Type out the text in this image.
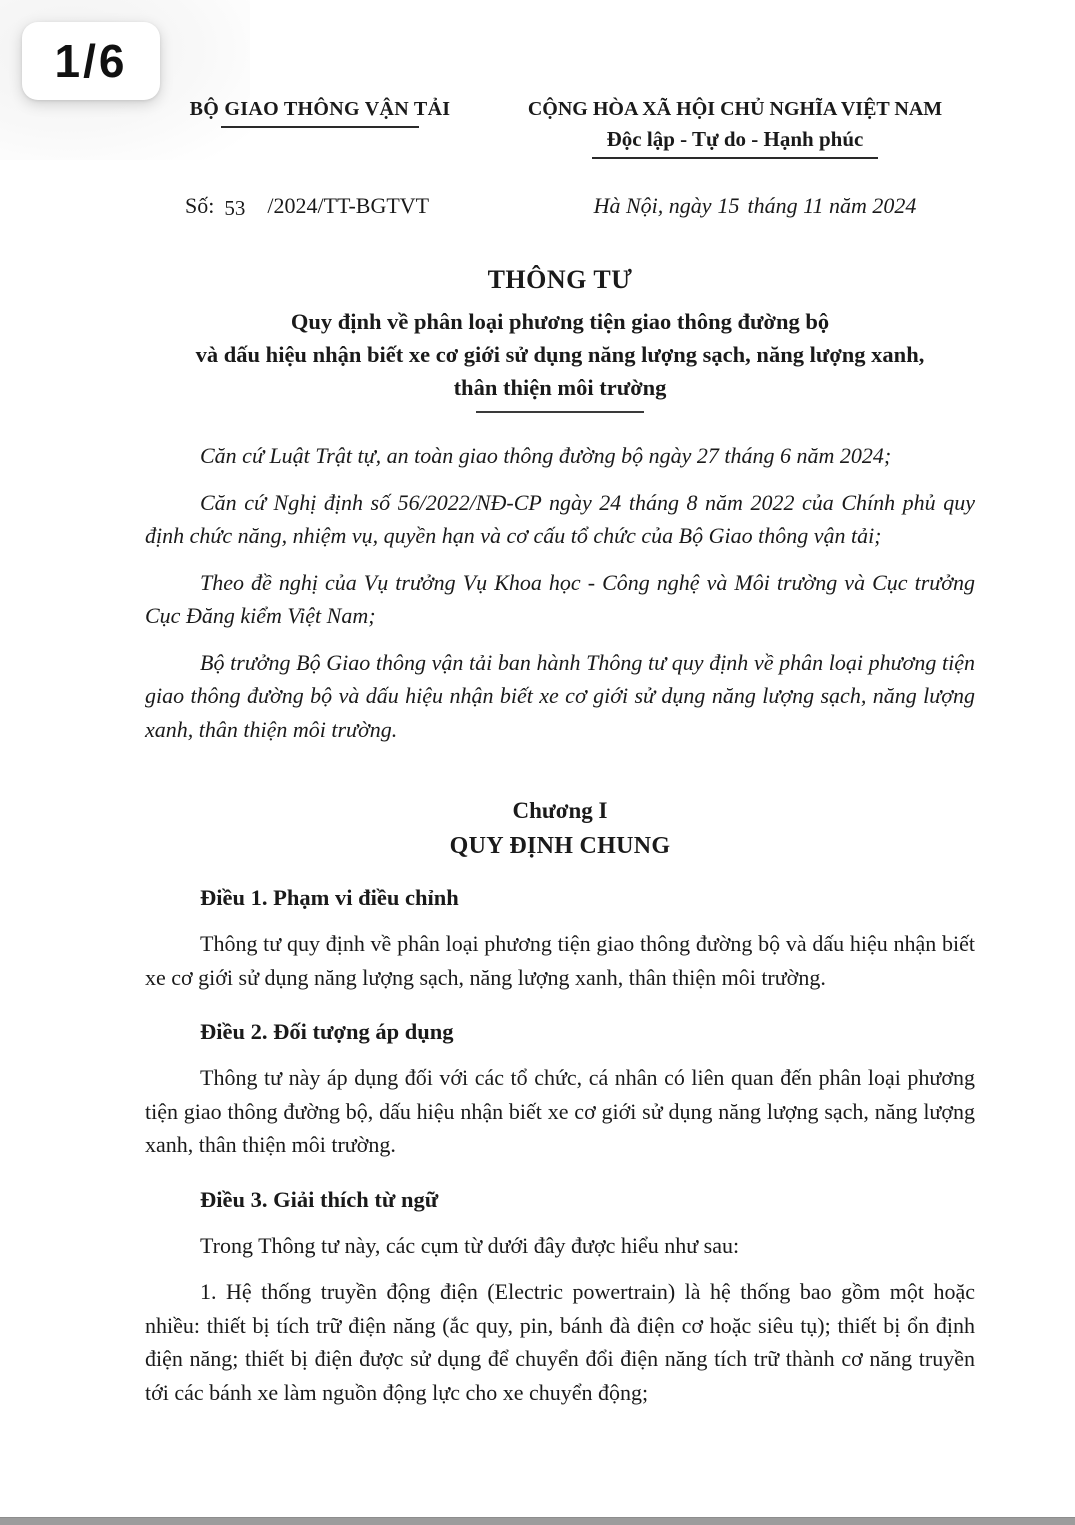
1/6
BỘ GIAO THÔNG VẬN TẢI	CỘNG HÒA XÃ HỘI CHỦ NGHĨA VIỆT NAM
Độc lập - Tự do - Hạnh phúc
Số: 53 /2024/TT-BGTVT	Hà Nội, ngày 15 tháng 11 năm 2024
THÔNG TƯ
Quy định về phân loại phương tiện giao thông đường bộ
và dấu hiệu nhận biết xe cơ giới sử dụng năng lượng sạch, năng lượng xanh,
thân thiện môi trường

Căn cứ Luật Trật tự, an toàn giao thông đường bộ ngày 27 tháng 6 năm 2024;

Căn cứ Nghị định số 56/2022/NĐ-CP ngày 24 tháng 8 năm 2022 của Chính phủ quy định chức năng, nhiệm vụ, quyền hạn và cơ cấu tổ chức của Bộ Giao thông vận tải;

Theo đề nghị của Vụ trưởng Vụ Khoa học - Công nghệ và Môi trường và Cục trưởng Cục Đăng kiểm Việt Nam;

Bộ trưởng Bộ Giao thông vận tải ban hành Thông tư quy định về phân loại phương tiện giao thông đường bộ và dấu hiệu nhận biết xe cơ giới sử dụng năng lượng sạch, năng lượng xanh, thân thiện môi trường.

Chương I
QUY ĐỊNH CHUNG
Điều 1. Phạm vi điều chỉnh

Thông tư quy định về phân loại phương tiện giao thông đường bộ và dấu hiệu nhận biết xe cơ giới sử dụng năng lượng sạch, năng lượng xanh, thân thiện môi trường.

Điều 2. Đối tượng áp dụng

Thông tư này áp dụng đối với các tổ chức, cá nhân có liên quan đến phân loại phương tiện giao thông đường bộ, dấu hiệu nhận biết xe cơ giới sử dụng năng lượng sạch, năng lượng xanh, thân thiện môi trường.

Điều 3. Giải thích từ ngữ

Trong Thông tư này, các cụm từ dưới đây được hiểu như sau:

1. Hệ thống truyền động điện (Electric powertrain) là hệ thống bao gồm một hoặc nhiều: thiết bị tích trữ điện năng (ắc quy, pin, bánh đà điện cơ hoặc siêu tụ); thiết bị ổn định điện năng; thiết bị điện được sử dụng để chuyển đổi điện năng tích trữ thành cơ năng truyền tới các bánh xe làm nguồn động lực cho xe chuyển động;
